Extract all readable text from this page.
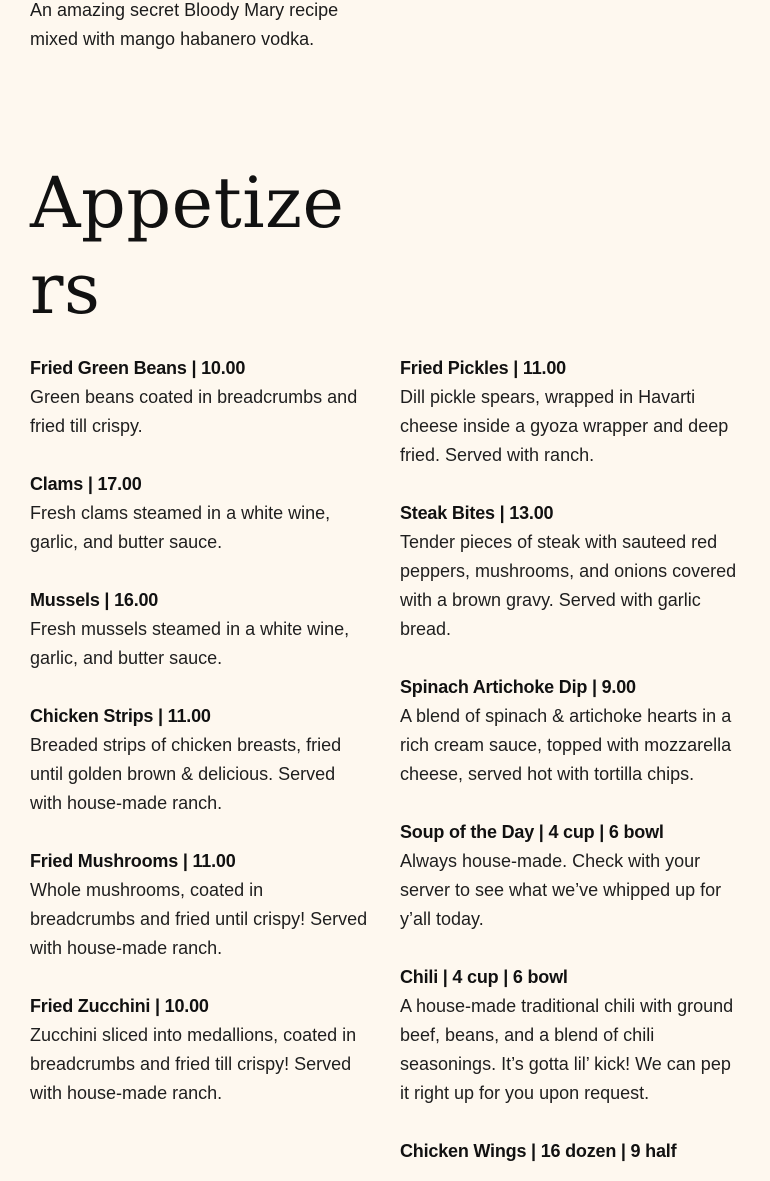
An amazing secret Bloody Mary recipe mixed with mango habanero vodka.

Appetizers
Fried Green Beans | 10.00
Green beans coated in breadcrumbs and fried till crispy.
Clams | 17.00
Fresh clams steamed in a white wine, garlic, and butter sauce.
Mussels | 16.00
Fresh mussels steamed in a white wine, garlic, and butter sauce.
Chicken Strips | 11.00
Breaded strips of chicken breasts, fried until golden brown & delicious. Served with house-made ranch.
Fried Mushrooms | 11.00
Whole mushrooms, coated in breadcrumbs and fried until crispy! Served with house-made ranch.
Fried Zucchini | 10.00
Zucchini sliced into medallions, coated in breadcrumbs and fried till crispy! Served with house-made ranch.
Fried Pickles | 11.00
Dill pickle spears, wrapped in Havarti cheese inside a gyoza wrapper and deep fried. Served with ranch.
Steak Bites | 13.00
Tender pieces of steak with sauteed red peppers, mushrooms, and onions covered with a brown gravy. Served with garlic bread.
Spinach Artichoke Dip | 9.00
A blend of spinach & artichoke hearts in a rich cream sauce, topped with mozzarella cheese, served hot with tortilla chips.
Soup of the Day | 4 cup | 6 bowl
Always house-made. Check with your server to see what we’ve whipped up for y’all today.
Chili | 4 cup | 6 bowl
A house-made traditional chili with ground beef, beans, and a blend of chili seasonings. It’s gotta lil’ kick! We can pep it right up for you upon request.
Chicken Wings | 16 dozen | 9 half
